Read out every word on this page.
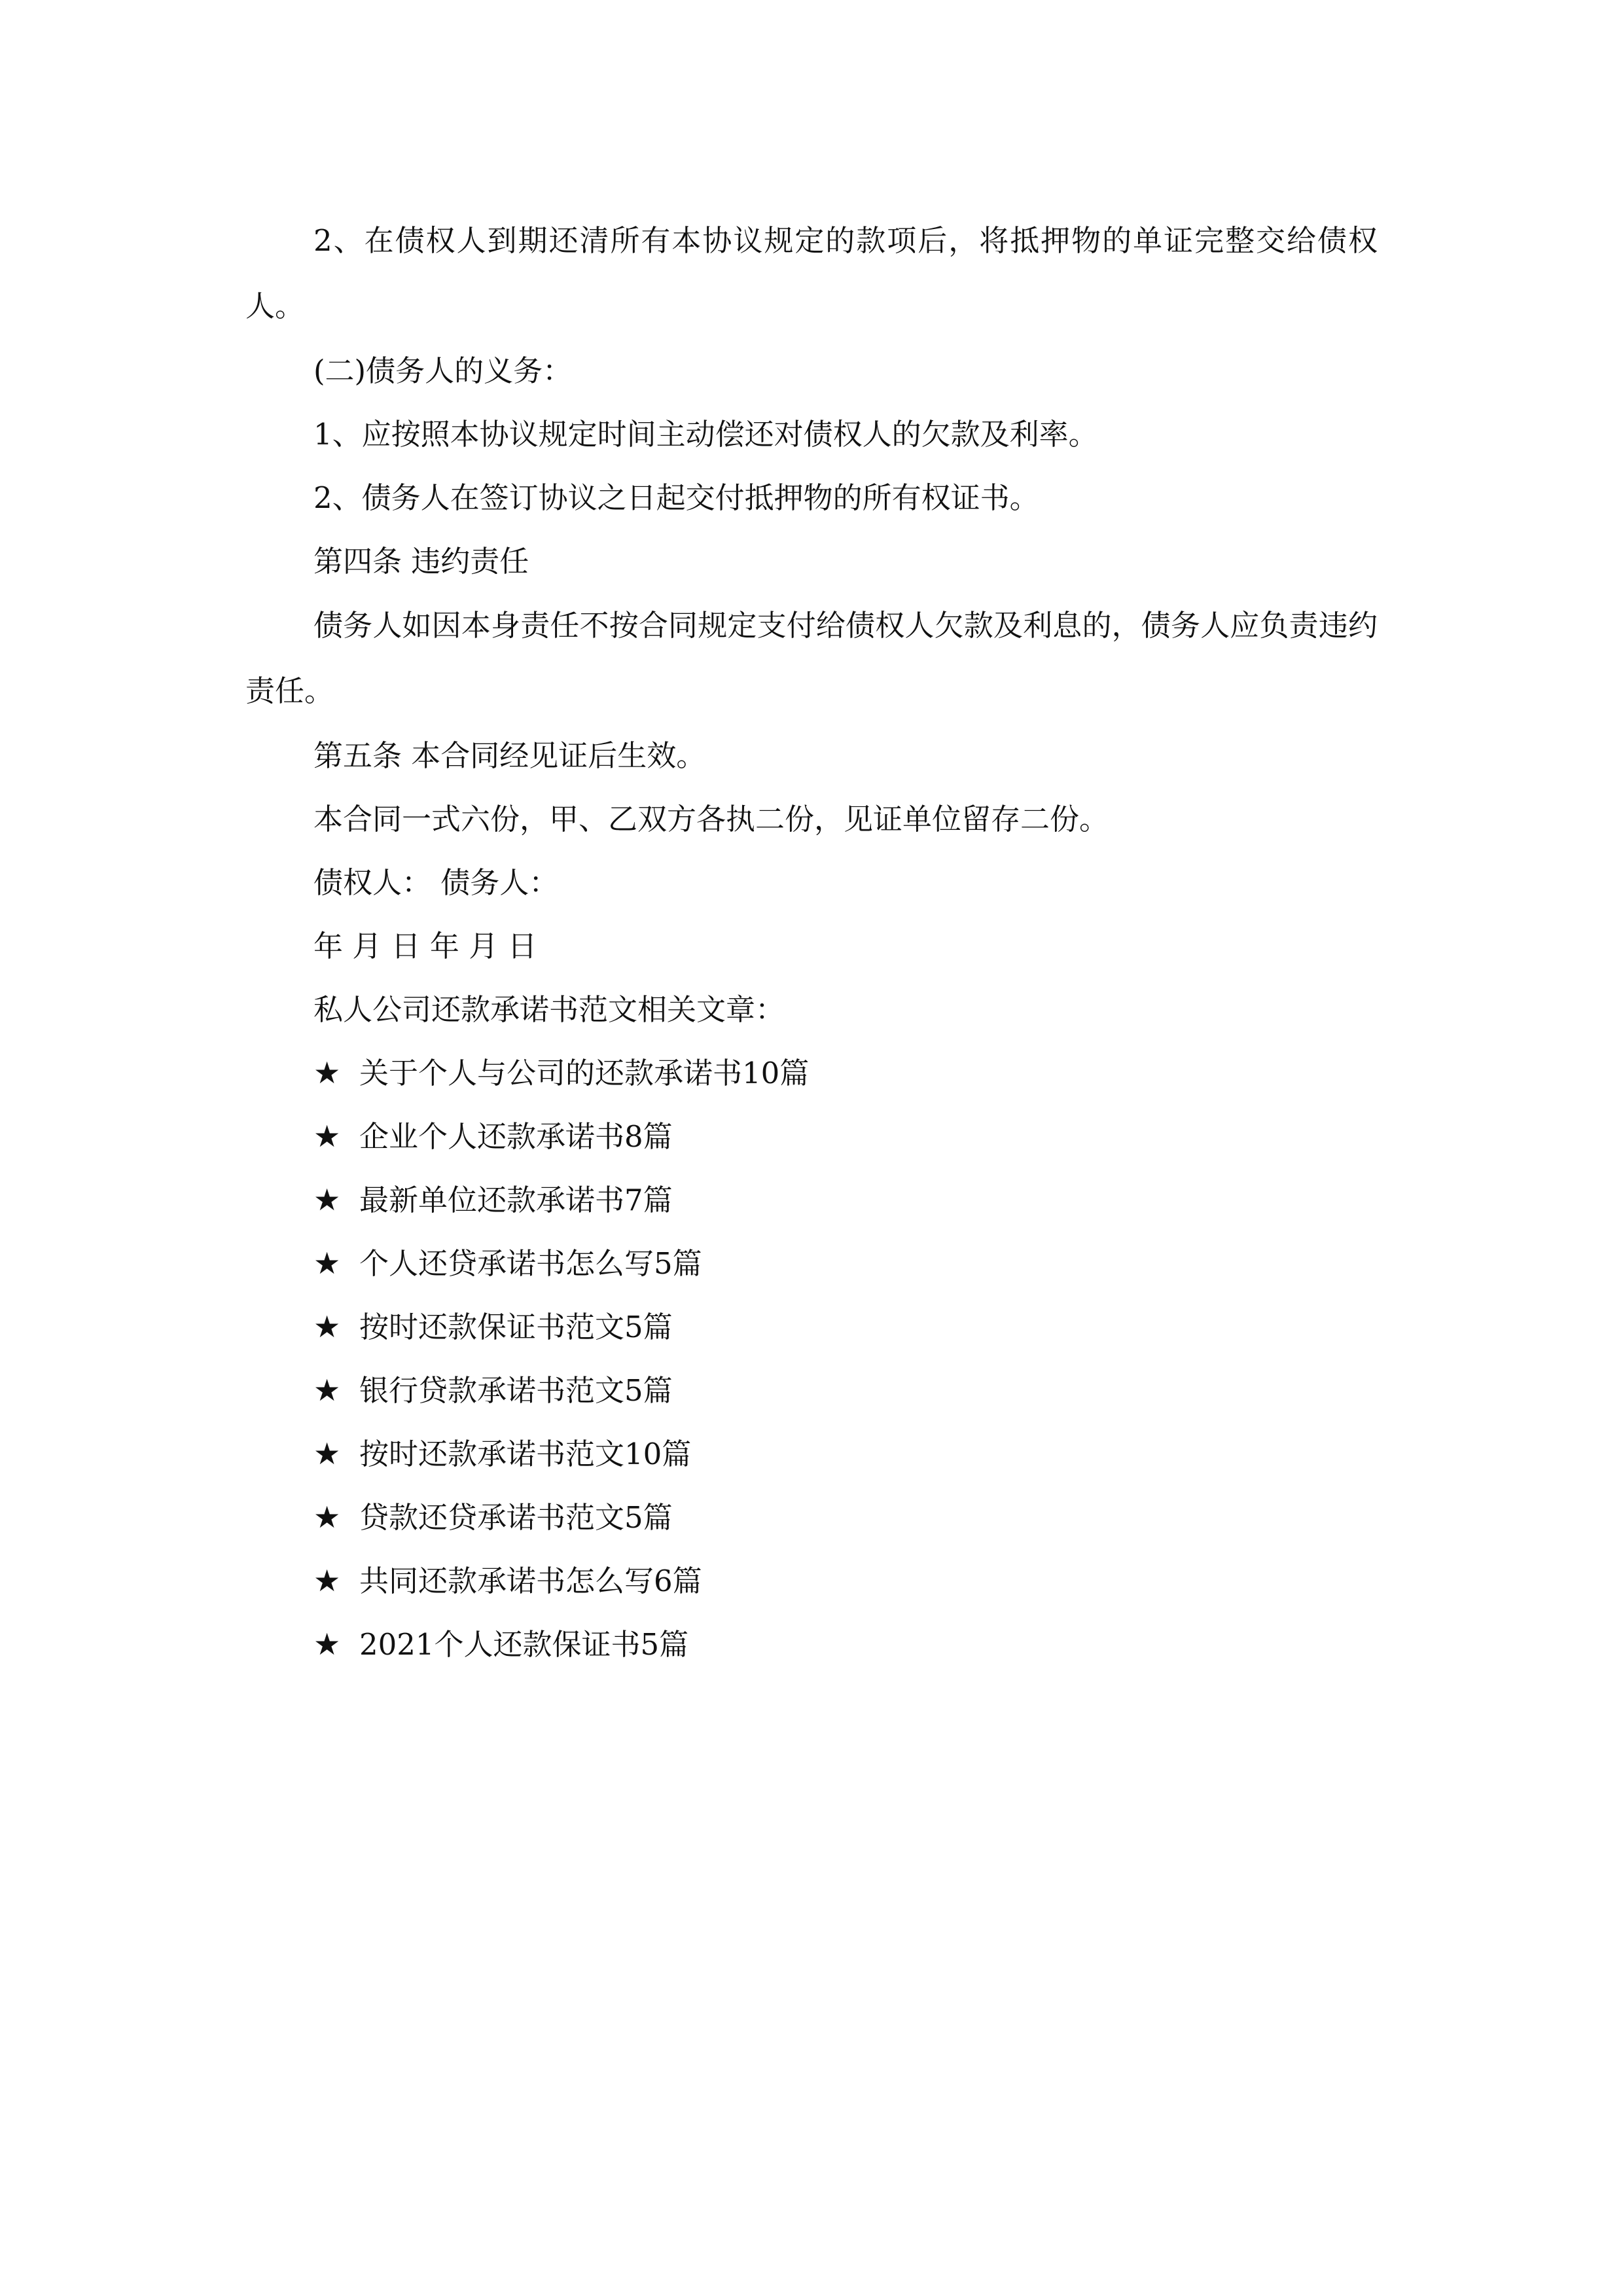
2、在债权人到期还清所有本协议规定的款项后，将抵押物的单证完整交给债权人。

(二)债务人的义务：

1、应按照本协议规定时间主动偿还对债权人的欠款及利率。

2、债务人在签订协议之日起交付抵押物的所有权证书。

第四条 违约责任

债务人如因本身责任不按合同规定支付给债权人欠款及利息的，债务人应负责违约责任。

第五条 本合同经见证后生效。

本合同一式六份，甲、乙双方各执二份，见证单位留存二份。

债权人： 债务人：

年 月 日 年 月 日

私人公司还款承诺书范文相关文章：

★ 关于个人与公司的还款承诺书10篇
★ 企业个人还款承诺书8篇
★ 最新单位还款承诺书7篇
★ 个人还贷承诺书怎么写5篇
★ 按时还款保证书范文5篇
★ 银行贷款承诺书范文5篇
★ 按时还款承诺书范文10篇
★ 贷款还贷承诺书范文5篇
★ 共同还款承诺书怎么写6篇
★ 2021个人还款保证书5篇
